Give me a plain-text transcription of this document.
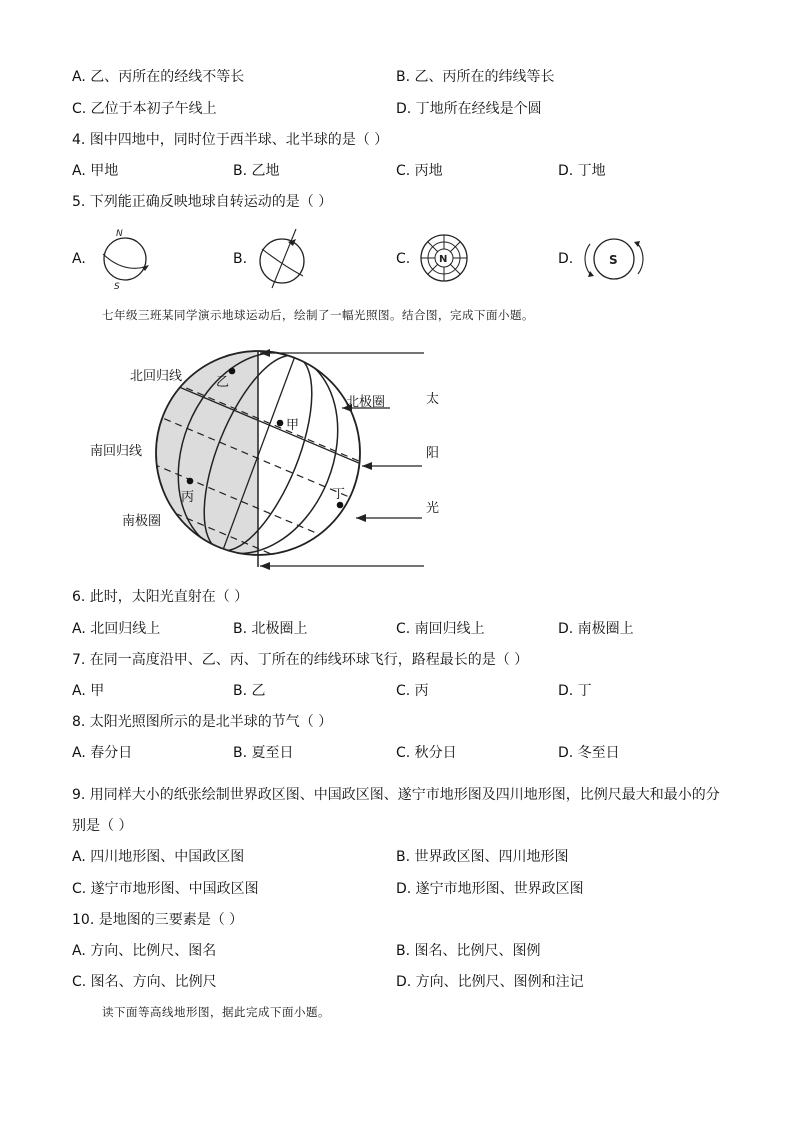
A. 乙、丙所在的经线不等长	B. 乙、丙所在的纬线等长
C. 乙位于本初子午线上	D. 丁地所在经线是个圆
4. 图中四地中，同时位于西半球、北半球的是（ ）
A. 甲地	B. 乙地	C. 丙地	D. 丁地
5. 下列能正确反映地球自转运动的是（ ）
A.	B.	C.	D.
N
S
N	S
七年级三班某同学演示地球运动后，绘制了一幅光照图。结合图，完成下面小题。
北回归线
南回归线
南极圈
北极圈
乙
甲
丙	丁
太
阳
光
6. 此时，太阳光直射在（ ）
A. 北回归线上	B. 北极圈上	C. 南回归线上	D. 南极圈上
7. 在同一高度沿甲、乙、丙、丁所在的纬线环球飞行，路程最长的是（ ）
A. 甲	B. 乙	C. 丙	D. 丁
8. 太阳光照图所示的是北半球的节气（ ）
A. 春分日	B. 夏至日	C. 秋分日	D. 冬至日
9. 用同样大小的纸张绘制世界政区图、中国政区图、遂宁市地形图及四川地形图，比例尺最大和最小的分
别是（ ）
A. 四川地形图、中国政区图	B. 世界政区图、四川地形图
C. 遂宁市地形图、中国政区图	D. 遂宁市地形图、世界政区图
10. 是地图的三要素是（ ）
A. 方向、比例尺、图名	B. 图名、比例尺、图例
C. 图名、方向、比例尺	D. 方向、比例尺、图例和注记
读下面等高线地形图，据此完成下面小题。
